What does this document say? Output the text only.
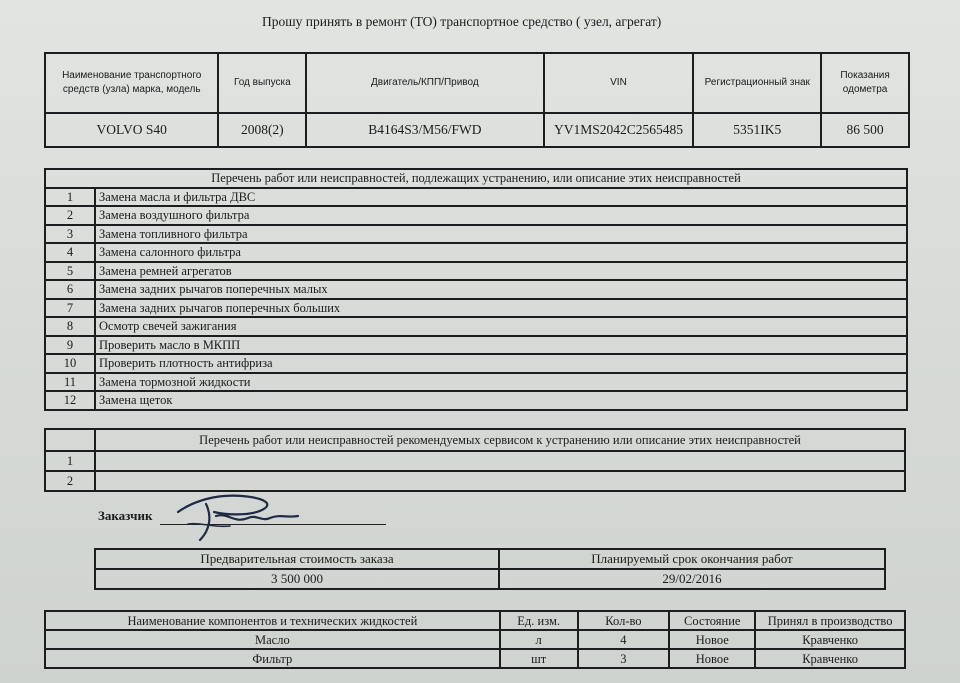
Прошу принять в ремонт (ТО) транспортное средство ( узел, агрегат)
Наименование транспортного средств (узла) марка, модель	Год выпуска	Двигатель/КПП/Привод	VIN	Регистрационный знак	Показания одометра
VOLVO S40	2008(2)	B4164S3/M56/FWD	YV1MS2042C2565485	5351IK5	86 500
Перечень работ или неисправностей, подлежащих устранению, или описание этих неисправностей	
1	Замена масла и фильтра ДВС
2	Замена воздушного фильтра
3	Замена топливного фильтра
4	Замена салонного фильтра
5	Замена ремней агрегатов
6	Замена задних рычагов поперечных малых
7	Замена задних рычагов поперечных больших
8	Осмотр свечей зажигания
9	Проверить масло в МКПП
10	Проверить плотность антифриза
11	Замена тормозной жидкости
12	Замена щеток
	Перечень работ или неисправностей рекомендуемых сервисом к устранению или описание этих неисправностей
1	
2	
Заказчик
Предварительная стоимость заказа	Планируемый срок окончания работ
3 500 000	29/02/2016
Наименование компонентов и технических жидкостей	Ед. изм.	Кол-во	Состояние	Принял в производство
Масло	л	4	Новое	Кравченко
Фильтр	шт	3	Новое	Кравченко
